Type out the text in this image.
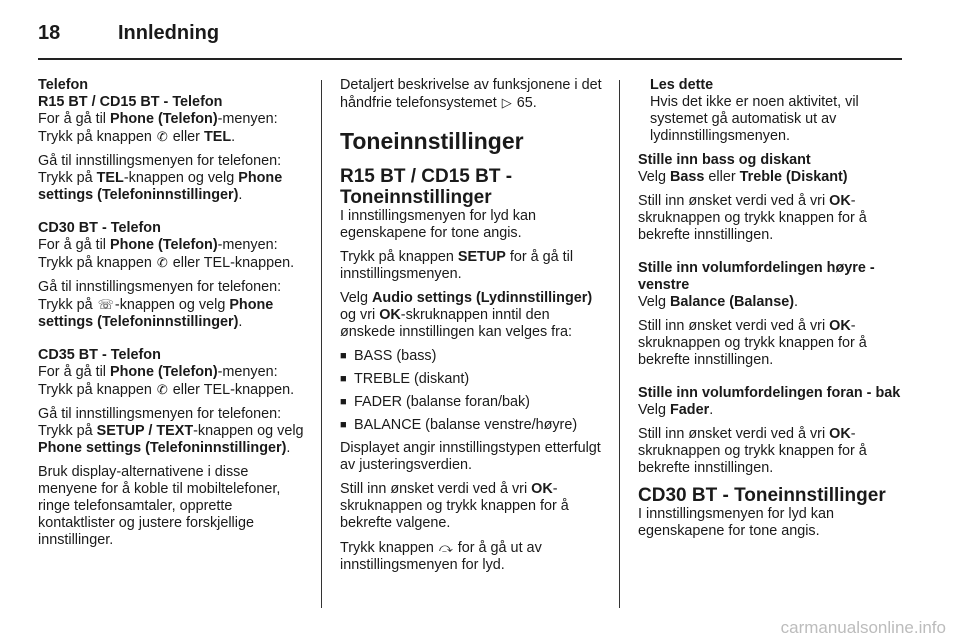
18	Innledning
Telefon
R15 BT / CD15 BT - Telefon

For å gå til Phone (Telefon)-menyen: Trykk på knappen ✆ eller TEL.

Gå til innstillingsmenyen for telefonen: Trykk på TEL-knappen og velg Phone settings (Telefoninnstillinger).

CD30 BT - Telefon

For å gå til Phone (Telefon)-menyen: Trykk på knappen ✆ eller TEL-knappen.

Gå til innstillingsmenyen for telefonen: Trykk på ☏-knappen og velg Phone settings (Telefoninnstillinger).

CD35 BT - Telefon

For å gå til Phone (Telefon)-menyen: Trykk på knappen ✆ eller TEL-knappen.

Gå til innstillingsmenyen for telefonen: Trykk på SETUP / TEXT-knappen og velg Phone settings (Telefoninnstillinger).

Bruk display-alternativene i disse menyene for å koble til mobiltelefoner, ringe telefonsamtaler, opprette kontaktlister og justere forskjellige innstillinger.

Detaljert beskrivelse av funksjonene i det håndfrie telefonsystemet ▷ 65.

Toneinnstillinger
R15 BT / CD15 BT - Toneinnstillinger

I innstillingsmenyen for lyd kan egenskapene for tone angis.

Trykk på knappen SETUP for å gå til innstillingsmenyen.

Velg Audio settings (Lydinnstillinger) og vri OK-skruknappen inntil den ønskede innstillingen kan velges fra:

■ BASS (bass)
■ TREBLE (diskant)
■ FADER (balanse foran/bak)
■ BALANCE (balanse venstre/høyre)

Displayet angir innstillingstypen etterfulgt av justeringsverdien.

Still inn ønsket verdi ved å vri OK-skruknappen og trykk knappen for å bekrefte valgene.

Trykk knappen ⤼ for å gå ut av innstillingsmenyen for lyd.

Les dette
Hvis det ikke er noen aktivitet, vil systemet gå automatisk ut av lydinnstillingsmenyen.
Stille inn bass og diskant

Velg Bass eller Treble (Diskant)

Still inn ønsket verdi ved å vri OK-skruknappen og trykk knappen for å bekrefte innstillingen.

Stille inn volumfordelingen høyre - venstre

Velg Balance (Balanse).

Still inn ønsket verdi ved å vri OK-skruknappen og trykk knappen for å bekrefte innstillingen.

Stille inn volumfordelingen foran - bak

Velg Fader.

Still inn ønsket verdi ved å vri OK-skruknappen og trykk knappen for å bekrefte innstillingen.

CD30 BT - Toneinnstillinger

I innstillingsmenyen for lyd kan egenskapene for tone angis.

carmanualsonline.info
